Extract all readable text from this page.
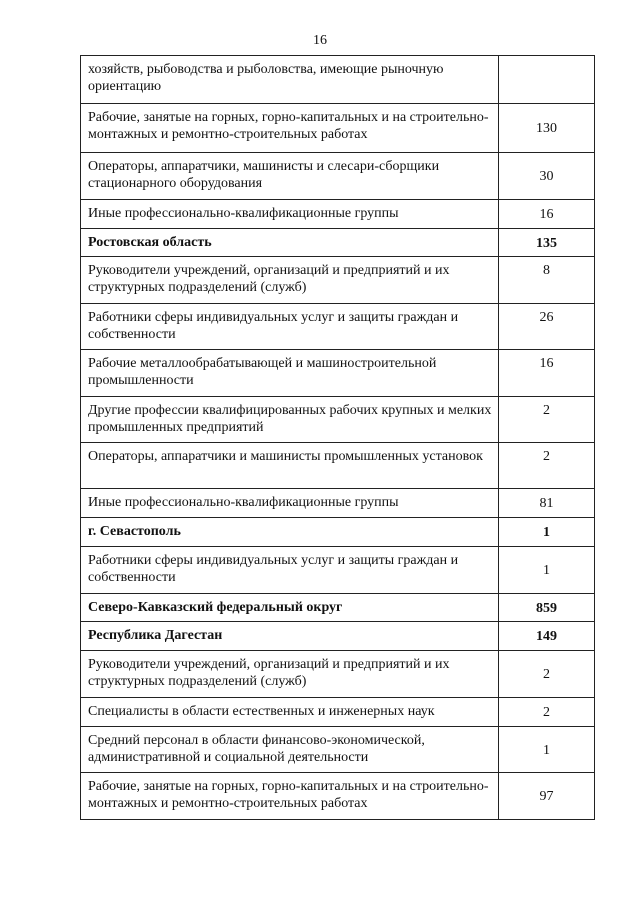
16
хозяйств, рыбоводства и рыболовства, имеющие рыночную ориентацию	
Рабочие, занятые на горных, горно-капитальных и на строительно-монтажных и ремонтно-строительных работах	130
Операторы, аппаратчики, машинисты и слесари-сборщики стационарного оборудования	30
Иные профессионально-квалификационные группы	16
Ростовская область	135
Руководители учреждений, организаций и предприятий и их структурных подразделений (служб)	8
Работники сферы индивидуальных услуг и защиты граждан и собственности	26
Рабочие металлообрабатывающей и машиностроительной промышленности	16
Другие профессии квалифицированных рабочих крупных и мелких промышленных предприятий	2
Операторы, аппаратчики и машинисты промышленных установок	2
Иные профессионально-квалификационные группы	81
г. Севастополь	1
Работники сферы индивидуальных услуг и защиты граждан и собственности	1
Северо-Кавказский федеральный округ	859
Республика Дагестан	149
Руководители учреждений, организаций и предприятий и их структурных подразделений (служб)	2
Специалисты в области естественных и инженерных наук	2
Средний персонал в области финансово-экономической, административной и социальной деятельности	1
Рабочие, занятые на горных, горно-капитальных и на строительно-монтажных и ремонтно-строительных работах	97
